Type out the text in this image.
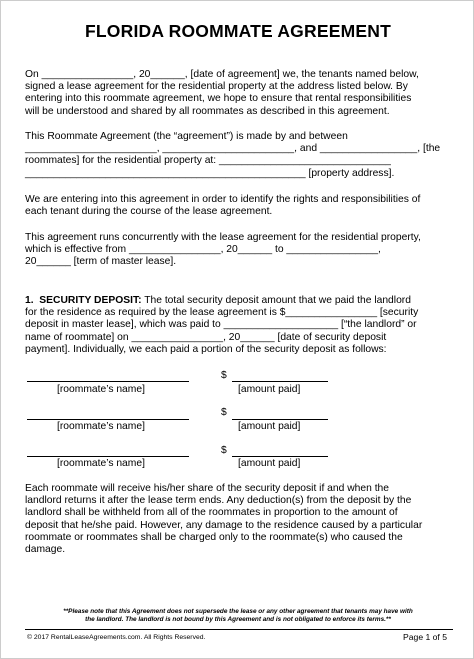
FLORIDA ROOMMATE AGREEMENT
On ________________, 20______, [date of agreement] we, the tenants named below,
signed a lease agreement for the residential property at the address listed below. By
entering into this roommate agreement, we hope to ensure that rental responsibilities
will be understood and shared by all roommates as described in this agreement.
This Roommate Agreement (the “agreement”) is made by and between
_______________________, _______________________, and _________________, [the
roommates] for the residential property at: ______________________________
_________________________________________________ [property address].
We are entering into this agreement in order to identify the rights and responsibilities of
each tenant during the course of the lease agreement.
This agreement runs concurrently with the lease agreement for the residential property,
which is effective from ________________, 20______ to ________________,
20______ [term of master lease].
1.  SECURITY DEPOSIT: The total security deposit amount that we paid the landlord
for the residence as required by the lease agreement is $________________ [security
deposit in master lease], which was paid to ____________________ [“the landlord” or
name of roommate] on ________________, 20______ [date of security deposit
payment]. Individually, we each paid a portion of the security deposit as follows:
[roommate’s name]
$
[amount paid]
[roommate’s name]
$
[amount paid]
[roommate’s name]
$
[amount paid]
Each roommate will receive his/her share of the security deposit if and when the
landlord returns it after the lease term ends. Any deduction(s) from the deposit by the
landlord shall be withheld from all of the roommates in proportion to the amount of
deposit that he/she paid. However, any damage to the residence caused by a particular
roommate or roommates shall be charged only to the roommate(s) who caused the
damage.
**Please note that this Agreement does not supersede the lease or any other agreement that tenants may have with
the landlord. The landlord is not bound by this Agreement and is not obligated to enforce its terms.**
© 2017 RentalLeaseAgreements.com. All Rights Reserved.	Page 1 of 5
